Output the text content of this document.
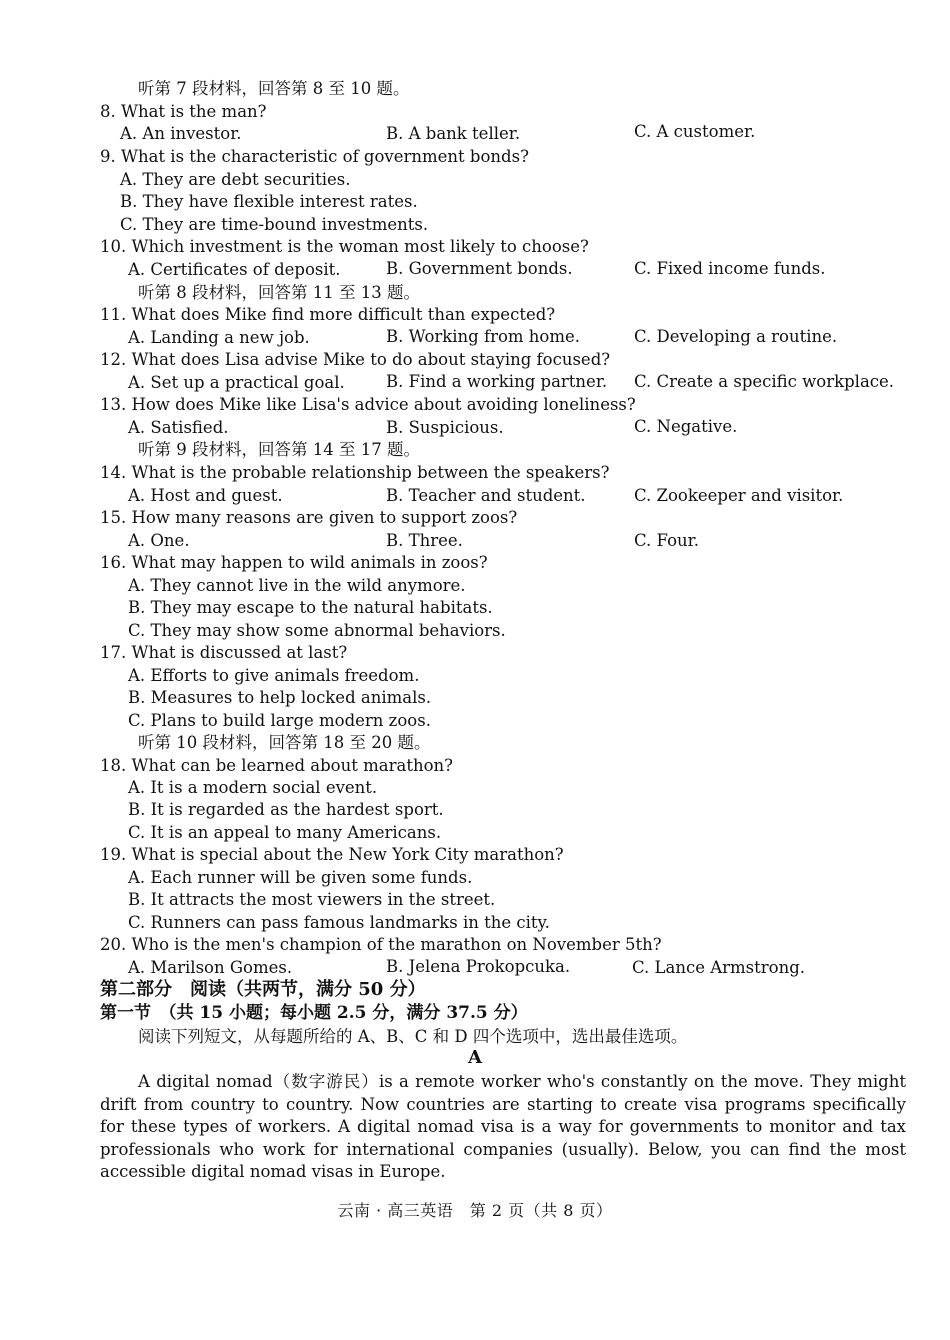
听第 7 段材料，回答第 8 至 10 题。
8. What is the man?
A. An investor.	B. A bank teller.	C. A customer.
9. What is the characteristic of government bonds?
A. They are debt securities.
B. They have flexible interest rates.
C. They are time-bound investments.
10. Which investment is the woman most likely to choose?
A. Certificates of deposit.	B. Government bonds.	C. Fixed income funds.
听第 8 段材料，回答第 11 至 13 题。
11. What does Mike find more difficult than expected?
A. Landing a new job.	B. Working from home.	C. Developing a routine.
12. What does Lisa advise Mike to do about staying focused?
A. Set up a practical goal. B. Find a working partner. C. Create a specific workplace.
13. How does Mike like Lisa's advice about avoiding loneliness?
A. Satisfied.	B. Suspicious.	C. Negative.
听第 9 段材料，回答第 14 至 17 题。
14. What is the probable relationship between the speakers?
A. Host and guest.	B. Teacher and student.	C. Zookeeper and visitor.
15. How many reasons are given to support zoos?
A. One.	B. Three.	C. Four.
16. What may happen to wild animals in zoos?
A. They cannot live in the wild anymore.
B. They may escape to the natural habitats.
C. They may show some abnormal behaviors.
17. What is discussed at last?
A. Efforts to give animals freedom.
B. Measures to help locked animals.
C. Plans to build large modern zoos.
听第 10 段材料，回答第 18 至 20 题。
18. What can be learned about marathon?
A. It is a modern social event.
B. It is regarded as the hardest sport.
C. It is an appeal to many Americans.
19. What is special about the New York City marathon?
A. Each runner will be given some funds.
B. It attracts the most viewers in the street.
C. Runners can pass famous landmarks in the city.
20. Who is the men's champion of the marathon on November 5th?
A. Marilson Gomes.	B. Jelena Prokopcuka.	C. Lance Armstrong.
第二部分　阅读（共两节，满分 50 分）
第一节　（共 15 小题；每小题 2.5 分，满分 37.5 分）
阅读下列短文，从每题所给的 A、B、C 和 D 四个选项中，选出最佳选项。
A
A digital nomad（数字游民）is a remote worker who's constantly on the move. They might drift from country to country. Now countries are starting to create visa programs specifically for these types of workers. A digital nomad visa is a way for governments to monitor and tax professionals who work for international companies (usually). Below, you can find the most accessible digital nomad visas in Europe.
云南 · 高三英语　第 2 页（共 8 页）
